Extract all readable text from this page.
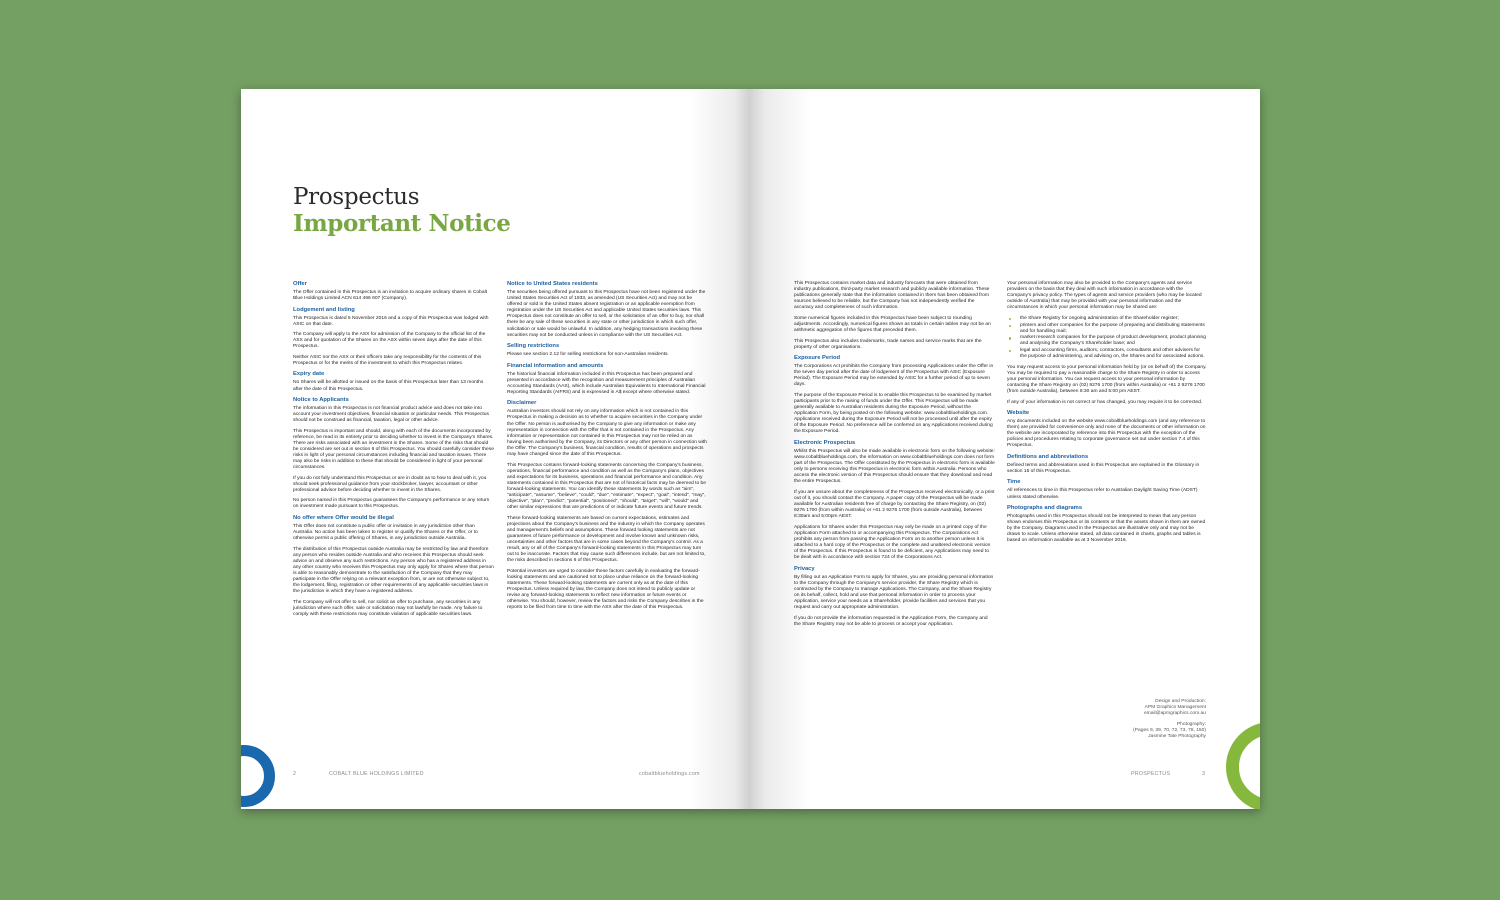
Prospectus
Important Notice
Offer

The Offer contained in this Prospectus is an invitation to acquire ordinary shares in Cobalt Blue Holdings Limited ACN 614 466 607 (Company).

Lodgement and listing

This Prospectus is dated 5 November 2016 and a copy of this Prospectus was lodged with ASIC on that date.

The Company will apply to the ASX for admission of the Company to the official list of the ASX and for quotation of the Shares on the ASX within seven days after the date of this Prospectus.

Neither ASIC nor the ASX or their officers take any responsibility for the contents of this Prospectus or for the merits of the investment to which this Prospectus relates.

Expiry date

No Shares will be allotted or issued on the basis of this Prospectus later than 13 months after the date of this Prospectus.

Notice to Applicants

The information in this Prospectus is not financial product advice and does not take into account your investment objectives, financial situation or particular needs. This Prospectus should not be construed as financial, taxation, legal or other advice.

This Prospectus is important and should, along with each of the documents incorporated by reference, be read in its entirety prior to deciding whether to invest in the Company's Shares. There are risks associated with an investment in the Shares. Some of the risks that should be considered are set out in section 6 of this Prospectus. You should carefully consider these risks in light of your personal circumstances including financial and taxation issues. There may also be risks in addition to these that should be considered in light of your personal circumstances.

If you do not fully understand this Prospectus or are in doubt as to how to deal with it, you should seek professional guidance from your stockbroker, lawyer, accountant or other professional advisor before deciding whether to invest in the Shares.

No person named in this Prospectus guarantees the Company's performance or any return on investment made pursuant to this Prospectus.

No offer where Offer would be illegal

This Offer does not constitute a public offer or invitation in any jurisdiction other than Australia. No action has been taken to register or qualify the Shares or the Offer, or to otherwise permit a public offering of Shares, in any jurisdiction outside Australia.

The distribution of this Prospectus outside Australia may be restricted by law and therefore any person who resides outside Australia and who receives this Prospectus should seek advice on and observe any such restrictions. Any person who has a registered address in any other country who receives this Prospectus may only apply for Shares where that person is able to reasonably demonstrate to the satisfaction of the Company that they may participate in the Offer relying on a relevant exception from, or are not otherwise subject to, the lodgement, filing, registration or other requirements of any applicable securities laws in the jurisdiction in which they have a registered address.

The Company will not offer to sell, nor solicit an offer to purchase, any securities in any jurisdiction where such offer, sale or solicitation may not lawfully be made. Any failure to comply with these restrictions may constitute violation of applicable securities laws.

Notice to United States residents

The securities being offered pursuant to this Prospectus have not been registered under the United States Securities Act of 1933, as amended (US Securities Act) and may not be offered or sold in the United States absent registration or an applicable exemption from registration under the US Securities Act and applicable United States securities laws. This Prospectus does not constitute an offer to sell, or the solicitation of an offer to buy, nor shall there be any sale of these securities in any state or other jurisdiction in which such offer, solicitation or sale would be unlawful. In addition, any hedging transactions involving these securities may not be conducted unless in compliance with the US Securities Act.

Selling restrictions

Please see section 2.12 for selling restrictions for non-Australian residents.

Financial information and amounts

The historical financial information included in this Prospectus has been prepared and presented in accordance with the recognition and measurement principles of Australian Accounting Standards (AAS), which include Australian Equivalents to International Financial Reporting Standards (AIFRS) and is expressed in A$ except where otherwise stated.

Disclaimer

Australian investors should not rely on any information which is not contained in this Prospectus in making a decision as to whether to acquire securities in the Company under the Offer. No person is authorised by the Company to give any information or make any representation in connection with the Offer that is not contained in the Prospectus. Any information or representation not contained in this Prospectus may not be relied on as having been authorised by the Company, its Directors or any other person in connection with the Offer. The Company's business, financial condition, results of operations and prospects may have changed since the date of this Prospectus.

This Prospectus contains forward-looking statements concerning the Company's business, operations, financial performance and condition as well as the Company's plans, objectives and expectations for its business, operations and financial performance and condition. Any statements contained in this Prospectus that are not of historical facts may be deemed to be forward-looking statements. You can identify these statements by words such as "aim", "anticipate", "assume", "believe", "could", "due", "estimate", "expect", "goal", "intend", "may", objective", "plan", "predict", "potential", "positioned", "should", "target", "will", "would" and other similar expressions that are predictions of or indicate future events and future trends.

These forward-looking statements are based on current expectations, estimates and projections about the Company's business and the industry in which the Company operates and management's beliefs and assumptions. These forward looking statements are not guarantees of future performance or development and involve known and unknown risks, uncertainties and other factors that are in some cases beyond the Company's control. As a result, any or all of the Company's forward-looking statements in this Prospectus may turn out to be inaccurate. Factors that may cause such differences include, but are not limited to, the risks described in sections 6 of this Prospectus.

Potential investors are urged to consider these factors carefully in evaluating the forward-looking statements and are cautioned not to place undue reliance on the forward-looking statements. These forward-looking statements are current only as at the date of this Prospectus. Unless required by law, the Company does not intend to publicly update or revise any forward-looking statements to reflect new information or future events or otherwise. You should, however, review the factors and risks the Company describes in the reports to be filed from time to time with the ASX after the date of this Prospectus.

2	COBALT BLUE HOLDINGS LIMITED	cobaltblueholdings.com

This Prospectus contains market data and industry forecasts that were obtained from industry publications, third-party market research and publicly available information. These publications generally state that the information contained in them has been obtained from sources believed to be reliable, but the Company has not independently verified the accuracy and completeness of such information.

Some numerical figures included in this Prospectus have been subject to rounding adjustments. Accordingly, numerical figures shown as totals in certain tables may not be an arithmetic aggregation of the figures that preceded them.

This Prospectus also includes trademarks, trade names and service marks that are the property of other organisations.

Exposure Period

The Corporations Act prohibits the Company from processing Applications under the Offer in the seven day period after the date of lodgement of the Prospectus with ASIC (Exposure Period). The Exposure Period may be extended by ASIC for a further period of up to seven days.

The purpose of the Exposure Period is to enable this Prospectus to be examined by market participants prior to the raising of funds under the Offer. This Prospectus will be made generally available to Australian residents during the Exposure Period, without the Application Form, by being posted on the following website: www.cobaltblueholdings.com. Applications received during the Exposure Period will not be processed until after the expiry of the Exposure Period. No preference will be conferred on any Applications received during the Exposure Period.

Electronic Prospectus

Whilst this Prospectus will also be made available in electronic form on the following website: www.cobaltblueholdings.com, the information on www.cobaltblueholdings.com does not form part of the Prospectus. The Offer constituted by the Prospectus in electronic form is available only to persons receiving this Prospectus in electronic form within Australia. Persons who access the electronic version of this Prospectus should ensure that they download and read the entire Prospectus.

If you are unsure about the completeness of the Prospectus received electronically, or a print out of it, you should contact the Company. A paper copy of the Prospectus will be made available for Australian residents free of charge by contacting the Share Registry, on (02) 9276 1700 (from within Australia) or +61 2 9276 1700 (from outside Australia), between 8:30am and 5:00pm AEST.

Applications for Shares under this Prospectus may only be made on a printed copy of the Application Form attached to or accompanying this Prospectus. The Corporations Act prohibits any person from passing the Application Form on to another person unless it is attached to a hard copy of the Prospectus or the complete and unaltered electronic version of the Prospectus. If this Prospectus is found to be deficient, any Applications may need to be dealt with in accordance with section 724 of the Corporations Act.

Privacy

By filling out an Application Form to apply for Shares, you are providing personal information to the Company through the Company's service provider, the Share Registry which is contracted by the Company to manage Applications. The Company, and the Share Registry on its behalf, collect, hold and use that personal information in order to process your Application, service your needs as a Shareholder, provide facilities and services that you request and carry out appropriate administration.

If you do not provide the information requested in the Application Form, the Company and the Share Registry may not be able to process or accept your Application.

Your personal information may also be provided to the Company's agents and service providers on the basis that they deal with such information in accordance with the Company's privacy policy. The types of agents and service providers (who may be located outside of Australia) that may be provided with your personal information and the circumstances in which your personal information may be shared are:

the Share Registry for ongoing administration of the Shareholder register;
printers and other companies for the purpose of preparing and distributing statements and for handling mail;
market research companies for the purpose of product development, product planning and analysing the Company's Shareholder base; and
legal and accounting firms, auditors, contractors, consultants and other advisers for the purpose of administering, and advising on, the Shares and for associated actions.

You may request access to your personal information held by (or on behalf of) the Company. You may be required to pay a reasonable charge to the Share Registry in order to access your personal information. You can request access to your personal information by contacting the Share Registry on (02) 9276 1700 (from within Australia) or +61 2 9276 1700 (from outside Australia), between 8:30 am and 5:00 pm AEST.

If any of your information is not correct or has changed, you may require it to be corrected.

Website

Any documents included on the website www.cobaltblueholdings.com (and any reference to them) are provided for convenience only and none of the documents or other information on the website are incorporated by reference into this Prospectus with the exception of the policies and procedures relating to corporate governance set out under section 7.4 of this Prospectus.

Definitions and abbreviations

Defined terms and abbreviations used in this Prospectus are explained in the Glossary in section 15 of this Prospectus.

Time

All references to time in this Prospectus refer to Australian Daylight Saving Time (ADST) unless stated otherwise.

Photographs and diagrams

Photographs used in this Prospectus should not be interpreted to mean that any person shown endorses this Prospectus or its contents or that the assets shown in them are owned by the Company. Diagrams used in the Prospectus are illustrative only and may not be drawn to scale. Unless otherwise stated, all data contained in charts, graphs and tables is based on information available as at 3 November 2016.

Design and Production:
APM Graphics Management
email@apmgraphics.com.au

Photography:
(Pages 9, 39, 70, 72, 73, 78, 150)
Jasmine Tate Photography

PROSPECTUS	3
